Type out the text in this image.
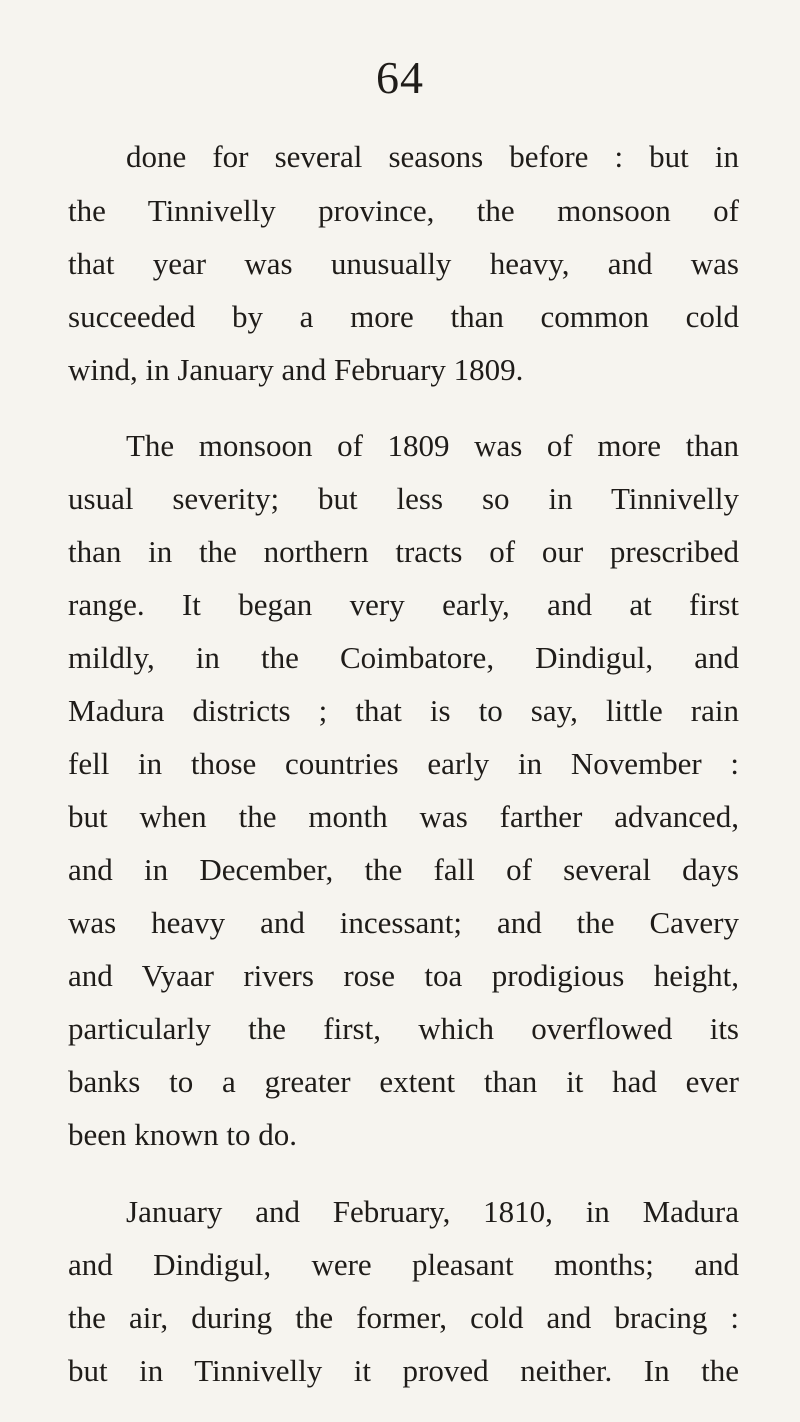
64
done for several seasons before : but in
the Tinnivelly province, the monsoon of
that year was unusually heavy, and was
succeeded by a more than common cold
wind, in January and February 1809.
The monsoon of 1809 was of more than
usual severity; but less so in Tinnivelly
than in the northern tracts of our prescribed
range. It began very early, and at first
mildly, in the Coimbatore, Dindigul, and
Madura districts ; that is to say, little rain
fell in those countries early in November :
but when the month was farther advanced,
and in December, the fall of several days
was heavy and incessant; and the Cavery
and Vyaar rivers rose toa prodigious height,
particularly the first, which overflowed its
banks to a greater extent than it had ever
been known to do.
January and February, 1810, in Madura
and Dindigul, were pleasant months; and
the air, during the former, cold and bracing :
but in Tinnivelly it proved neither. In the
